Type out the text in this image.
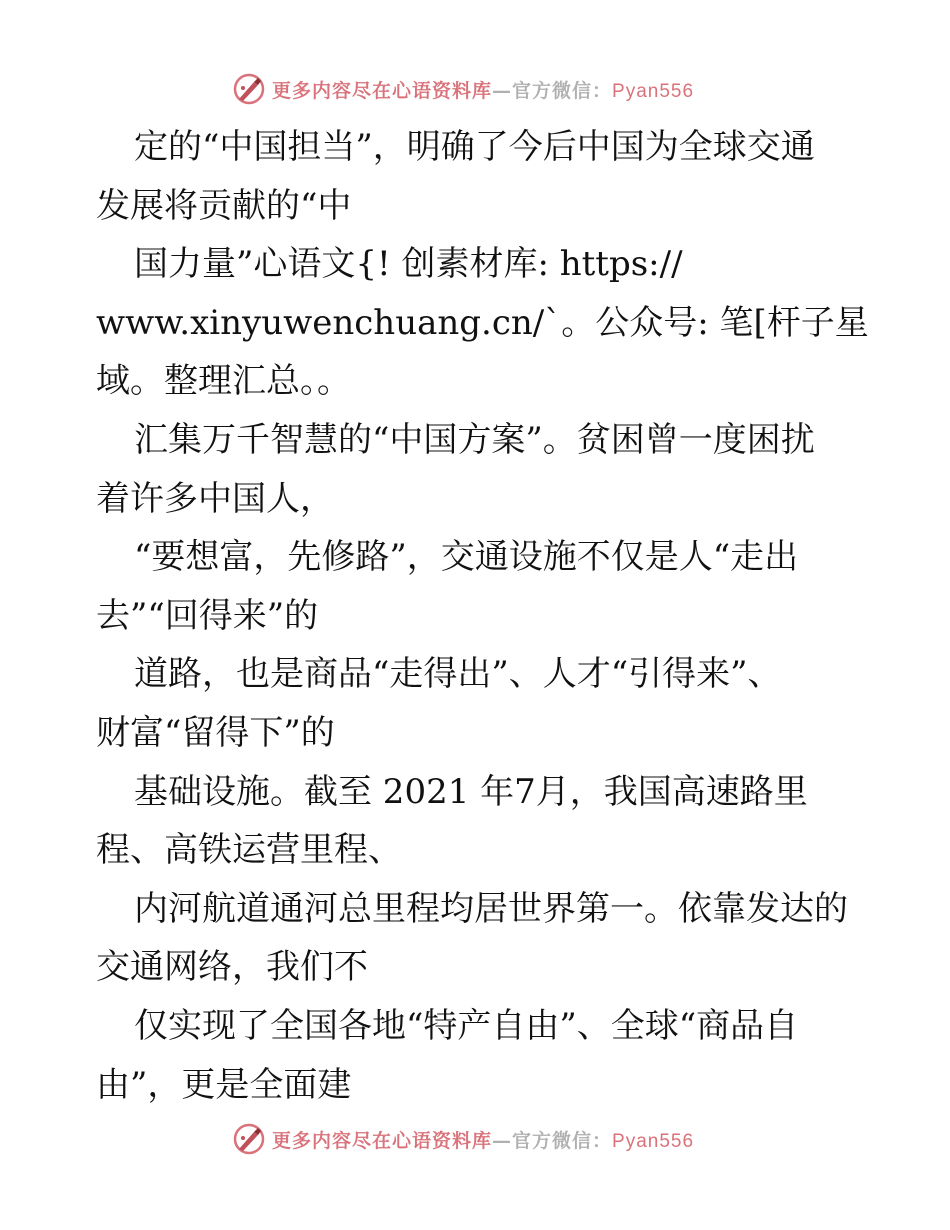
更多内容尽在心语资料库—官方微信：Pyan556

定的“中国担当”，明确了今后中国为全球交通

发展将贡献的“中

国力量”心语文{! 创素材库: https://

www.xinyuwenchuang.cn/`。公众号: 笔[杆子星

域。整理汇总。。

汇集万千智慧的“中国方案”。贫困曾一度困扰

着许多中国人，

“要想富，先修路”，交通设施不仅是人“走出

去”“回得来”的

道路，也是商品“走得出”、人才“引得来”、

财富“留得下”的

基础设施。截至 2021 年7月，我国高速路里

程、高铁运营里程、

内河航道通河总里程均居世界第一。依靠发达的

交通网络，我们不

仅实现了全国各地“特产自由”、全球“商品自

由”，更是全面建

更多内容尽在心语资料库—官方微信：Pyan556
